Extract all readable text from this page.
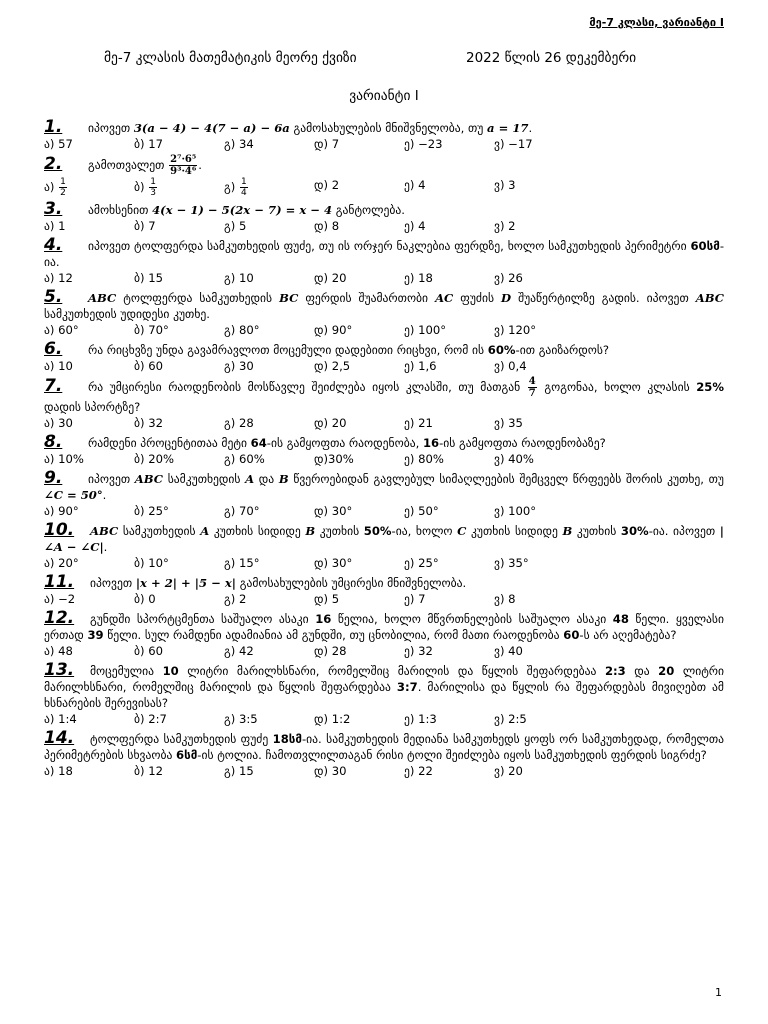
მე-7 კლასი, ვარიანტი I
მე-7 კლასის მათემატიკის მეორე ქვიზი	2022 წლის 26 დეკემბერი
ვარიანტი I
1. იპოვეთ 3(a − 4) − 4(7 − a) − 6a გამოსახულების მნიშვნელობა, თუ a = 17.
ა) 57	ბ) 17	გ) 34	დ) 7	ე) −23	ვ) −17
2. გამოთვალეთ $\frac{\text{2⁷·6⁵}}{\text{9³·4⁶}}$ .
ა) $\frac{1}{2}$	ბ) $\frac{1}{3}$	გ) $\frac{1}{4}$	დ) 2	ე) 4	ვ) 3
3. ამოხსენით 4(x − 1) − 5(2x − 7) = x − 4 განტოლება.
ა) 1	ბ) 7	გ) 5	დ) 8	ე) 4	ვ) 2
4. იპოვეთ ტოლფერდა სამკუთხედის ფუძე, თუ ის ორჯერ ნაკლებია ფერდზე, ხოლო სამკუთხედის პერიმეტრი 60სმ-ია.
ა) 12	ბ) 15	გ) 10	დ) 20	ე) 18	ვ) 26
5. ABC ტოლფერდა სამკუთხედის BC ფერდის შუამართობი AC ფუძის D შუაწერტილზე გადის. იპოვეთ ABC სამკუთხედის უდიდესი კუთხე.
ა) 60°	ბ) 70°	გ) 80°	დ) 90°	ე) 100°	ვ) 120°
6. რა რიცხვზე უნდა გავამრავლოთ მოცემული დადებითი რიცხვი, რომ ის 60%-ით გაიზარდოს?
ა) 10	ბ) 60	გ) 30	დ) 2,5	ე) 1,6	ვ) 0,4
7. რა უმცირესი რაოდენობის მოსწავლე შეიძლება იყოს კლასში, თუ მათგან $\frac{4}{7}$ გოგონაა, ხოლო კლასის 25% დადის სპორტზე?
ა) 30	ბ) 32	გ) 28	დ) 20	ე) 21	ვ) 35
8. რამდენი პროცენტითაა მეტი 64-ის გამყოფთა რაოდენობა, 16-ის გამყოფთა რაოდენობაზე?
ა) 10%	ბ) 20%	გ) 60%	დ)30%	ე) 80%	ვ) 40%
9. იპოვეთ ABC სამკუთხედის A და B წვეროებიდან გავლებულ სიმაღლეების შემცველ წრფეებს შორის კუთხე, თუ ∠C = 50°.
ა) 90°	ბ) 25°	გ) 70°	დ) 30°	ე) 50°	ვ) 100°
10. ABC სამკუთხედის A კუთხის სიდიდე B კუთხის 50%-ია, ხოლო C კუთხის სიდიდე B კუთხის 30%-ია. იპოვეთ |∠A − ∠C|.
ა) 20°	ბ) 10°	გ) 15°	დ) 30°	ე) 25°	ვ) 35°
11. იპოვეთ |x + 2| + |5 − x| გამოსახულების უმცირესი მნიშვნელობა.
ა) −2	ბ) 0	გ) 2	დ) 5	ე) 7	ვ) 8
12. გუნდში სპორტცმენთა საშუალო ასაკი 16 წელია, ხოლო მწვრთნელების საშუალო ასაკი 48 წელი. ყველასი ერთად 39 წელი. სულ რამდენი ადამიანია ამ გუნდში, თუ ცნობილია, რომ მათი რაოდენობა 60-ს არ აღემატება?
ა) 48	ბ) 60	გ) 42	დ) 28	ე) 32	ვ) 40
13. მოცემულია 10 ლიტრი მარილხსნარი, რომელშიც მარილის და წყლის შეფარდებაა 2:3 და 20 ლიტრი მარილხსნარი, რომელშიც მარილის და წყლის შეფარდებაა 3:7. მარილისა და წყლის რა შეფარდებას მივიღებთ ამ ხსნარების შერევისას?
ა) 1:4	ბ) 2:7	გ) 3:5	დ) 1:2	ე) 1:3	ვ) 2:5
14. ტოლფერდა სამკუთხედის ფუძე 18სმ-ია. სამკუთხედის მედიანა სამკუთხედს ყოფს ორ სამკუთხედად, რომელთა პერიმეტრების სხვაობა 6სმ-ის ტოლია. ჩამოთვლილთაგან რისი ტოლი შეიძლება იყოს სამკუთხედის ფერდის სიგრძე?
ა) 18	ბ) 12	გ) 15	დ) 30	ე) 22	ვ) 20
1
